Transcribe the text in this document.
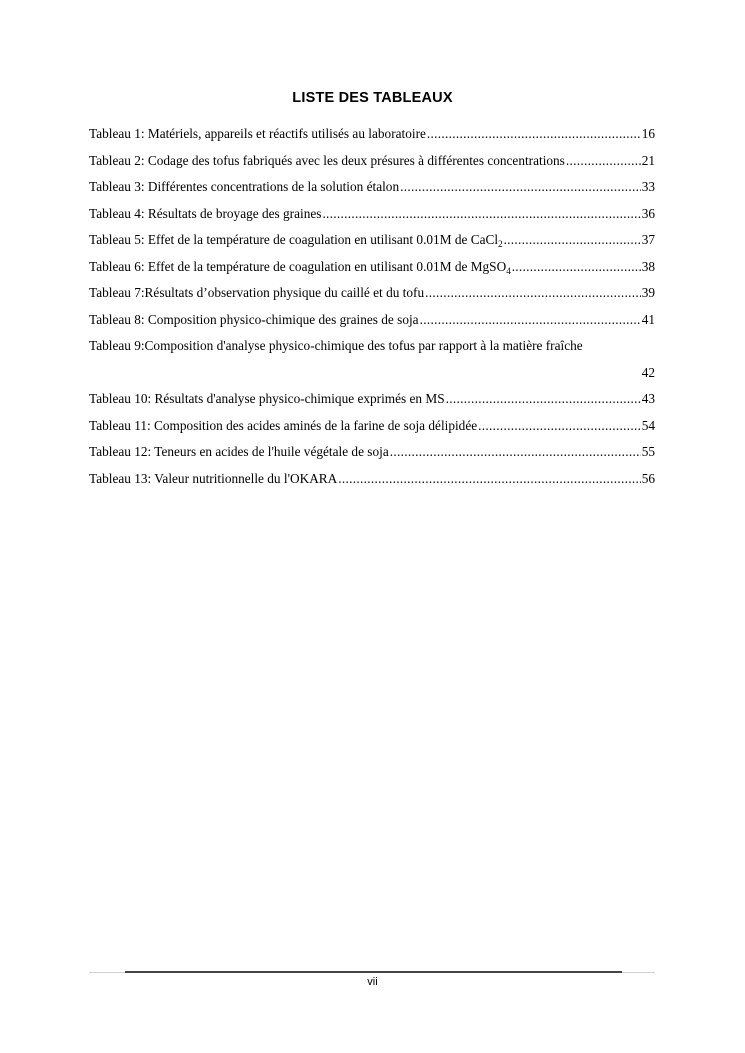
LISTE DES TABLEAUX
Tableau 1: Matériels, appareils et réactifs utilisés au laboratoire .....	16
Tableau 2: Codage des tofus fabriqués avec les deux présures à différentes concentrations .....	21
Tableau 3: Différentes concentrations de la solution étalon .....	33
Tableau 4: Résultats de broyage des graines .....	36
Tableau 5: Effet de la température de coagulation en utilisant 0.01M de CaCl$_2$ .....	37
Tableau 6: Effet de la température de coagulation en utilisant 0.01M de MgSO$_4$ .....	38
Tableau 7:Résultats d’observation physique du caillé et du tofu .....	39
Tableau 8: Composition physico-chimique des graines de soja .....	41
Tableau 9:Composition d'analyse physico-chimique des tofus par rapport à la matière fraîche
42
Tableau 10: Résultats d'analyse physico-chimique exprimés en MS .....	43
Tableau 11: Composition des acides aminés de la farine de soja délipidée .....	54
Tableau 12: Teneurs en acides de l'huile végétale de soja .....	55
Tableau 13: Valeur nutritionnelle du l'OKARA .....	56
vii
